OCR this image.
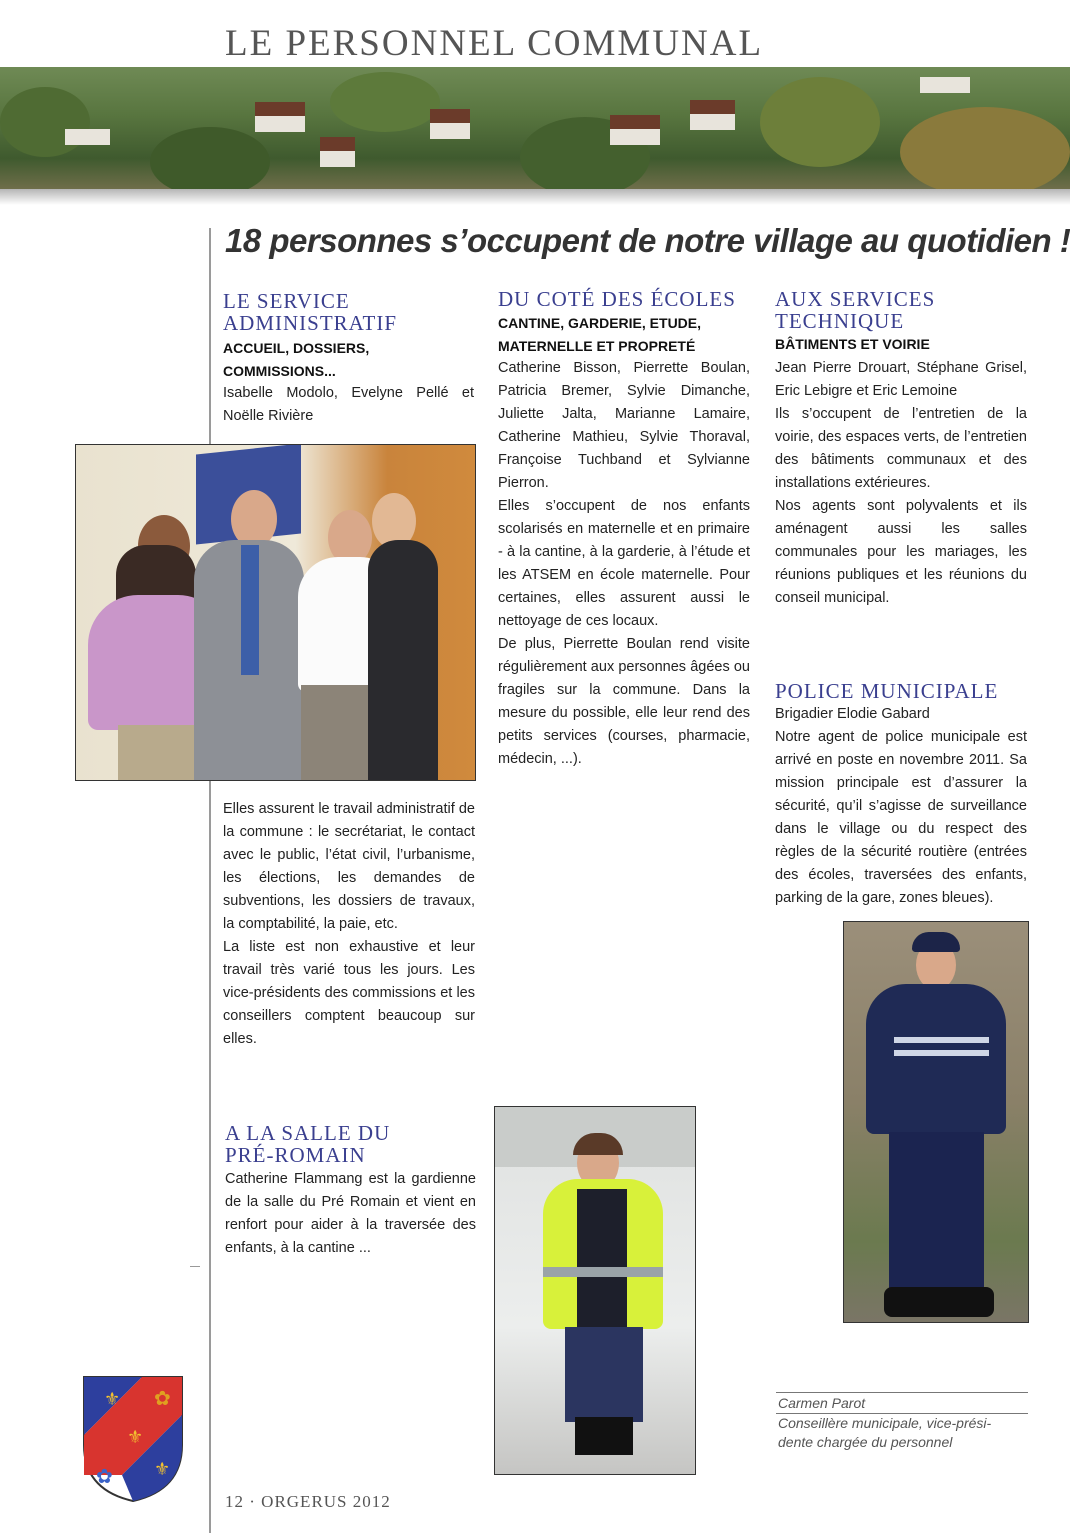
LE PERSONNEL COMMUNAL
18 personnes s’occupent de notre village au quotidien !
LE SERVICE
ADMINISTRATIF
ACCUEIL, DOSSIERS,
COMMISSIONS...

Isabelle Modolo, Evelyne Pellé et Noëlle Rivière

Elles assurent le travail administratif de la commune : le secrétariat, le contact avec le public, l’état civil, l’urbanisme, les élections, les demandes de subventions, les dossiers de travaux, la comptabilité, la paie, etc.

La liste est non exhaustive et leur travail très varié tous les jours. Les vice-présidents des commissions et les conseillers comptent beaucoup sur elles.

A LA SALLE DU
PRÉ-ROMAIN

Catherine Flammang est la gardienne de la salle du Pré Romain et vient en renfort pour aider à la traversée des enfants, à la cantine ...

DU COTÉ DES ÉCOLES
CANTINE, GARDERIE, ETUDE,
MATERNELLE ET PROPRETÉ

Catherine Bisson, Pierrette Boulan, Patricia Bremer, Sylvie Dimanche, Juliette Jalta, Marianne Lamaire, Catherine Mathieu, Sylvie Thoraval, Françoise Tuchband et Sylvianne Pierron.

Elles s’occupent de nos enfants scolarisés en maternelle et en primaire - à la cantine, à la garderie, à l’étude et les ATSEM en école maternelle. Pour certaines, elles assurent aussi le nettoyage de ces locaux.

De plus, Pierrette Boulan rend visite régulièrement aux personnes âgées ou fragiles sur la commune. Dans la mesure du possible, elle leur rend des petits services (courses, pharmacie, médecin, ...).

AUX SERVICES
TECHNIQUE
BÂTIMENTS ET VOIRIE

Jean Pierre Drouart, Stéphane Grisel, Eric Lebigre et Eric Lemoine

Ils s’occupent de l’entretien de la voirie, des espaces verts, de l’entretien des bâtiments communaux et des installations extérieures.

Nos agents sont polyvalents et ils aménagent aussi les salles communales pour les mariages, les réunions publiques et les réunions du conseil municipal.

POLICE MUNICIPALE

Brigadier Elodie Gabard

Notre agent de police municipale est arrivé en poste en novembre 2011. Sa mission principale est d’assurer la sécurité, qu’il s’agisse de surveillance dans le village ou du respect des règles de la sécurité routière (entrées des écoles, traversées des enfants, parking de la gare, zones bleues).

⚜
⚜
⚜
✿
✿
Carmen Parot
Conseillère municipale, vice-prési-
dente chargée du personnel
12 · ORGERUS 2012
